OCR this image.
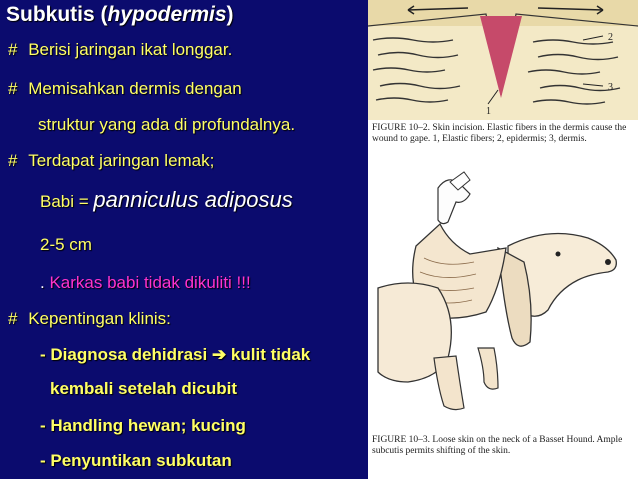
Subkutis (hypodermis)
# Berisi jaringan ikat longgar.
# Memisahkan dermis dengan
struktur yang ada di profundalnya.
# Terdapat jaringan lemak;
Babi = panniculus adiposus
2-5 cm
. Karkas babi tidak dikuliti !!!
# Kepentingan klinis:
- Diagnosa dehidrasi ➔ kulit tidak
kembali setelah dicubit
- Handling hewan; kucing
- Penyuntikan subkutan
1
2
3
FIGURE 10–2. Skin incision. Elastic fibers in the dermis cause the wound to gape. 1, Elastic fibers; 2, epidermis; 3, dermis.
FIGURE 10–3. Loose skin on the neck of a Basset Hound. Ample subcutis permits shifting of the skin.
